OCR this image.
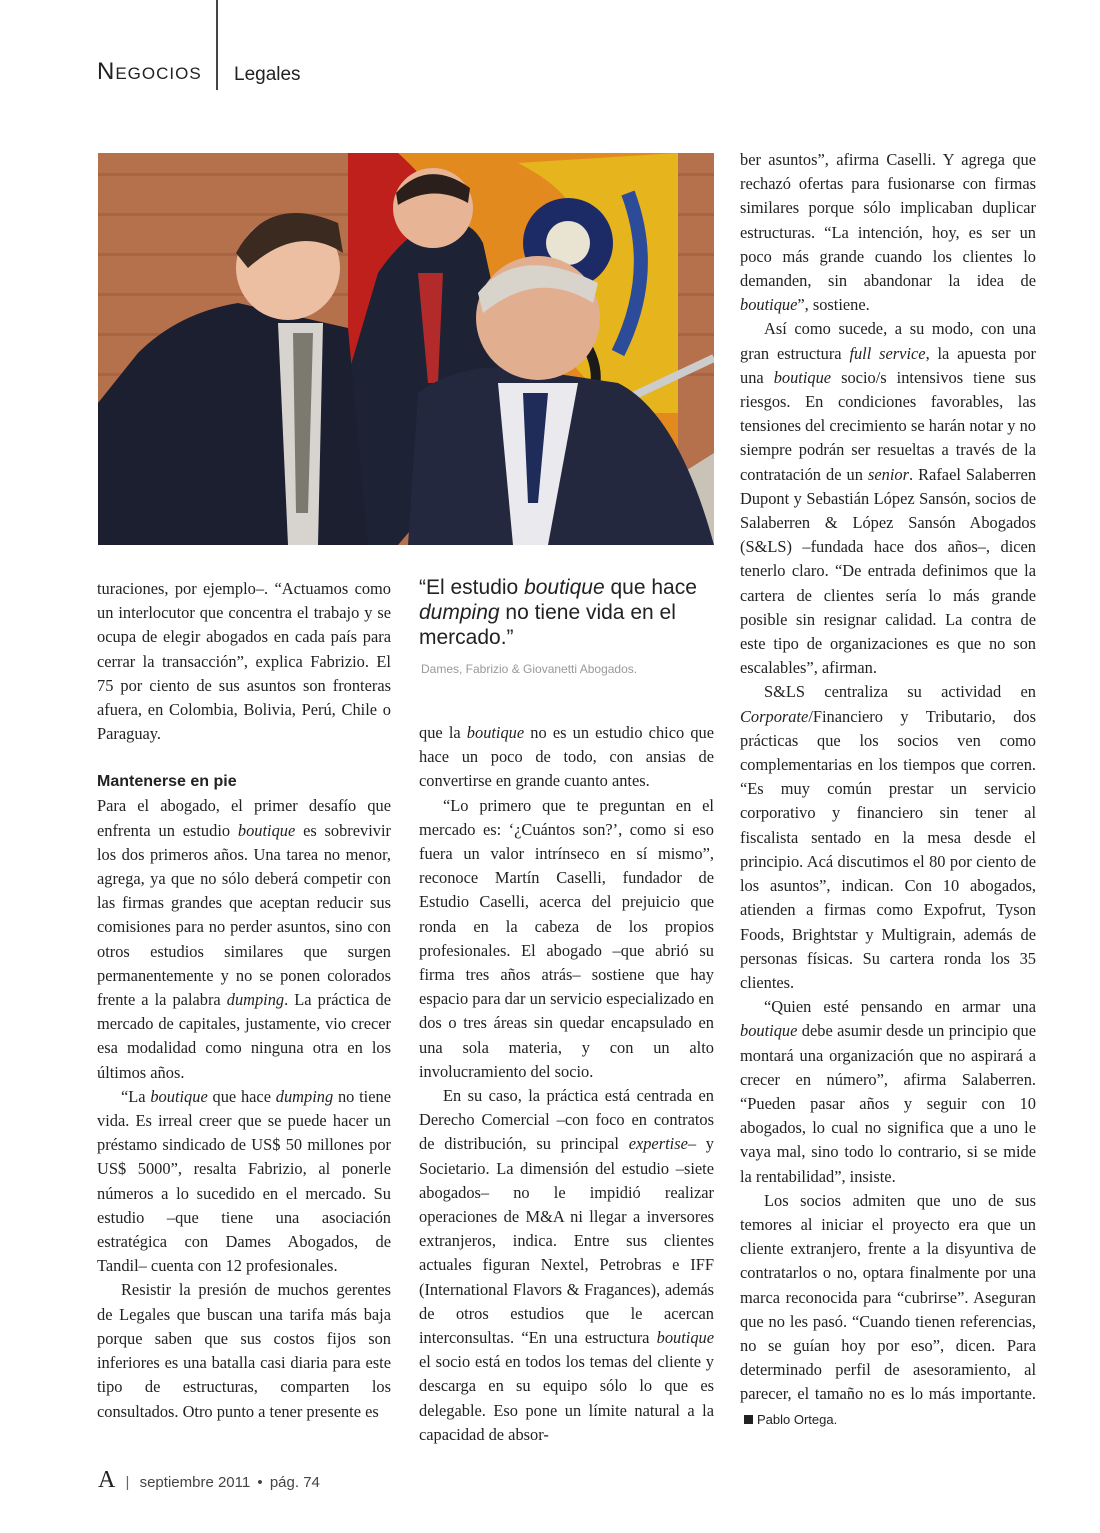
Negocios Legales

turaciones, por ejemplo–. “Actuamos como un interlocutor que concentra el trabajo y se ocupa de elegir abogados en cada país para cerrar la transacción”, explica Fabrizio. El 75 por ciento de sus asuntos son fronteras afuera, en Colombia, Bolivia, Perú, Chile o Paraguay.

Mantenerse en pie

Para el abogado, el primer desafío que enfrenta un estudio boutique es sobrevivir los dos primeros años. Una tarea no menor, agrega, ya que no sólo deberá competir con las firmas grandes que aceptan reducir sus comisiones para no perder asuntos, sino con otros estudios similares que surgen permanentemente y no se ponen colorados frente a la palabra dumping. La práctica de mercado de capitales, justamente, vio crecer esa modalidad como ninguna otra en los últimos años.

“La boutique que hace dumping no tiene vida. Es irreal creer que se puede hacer un préstamo sindicado de US$ 50 millones por US$ 5000”, resalta Fabrizio, al ponerle números a lo sucedido en el mercado. Su estudio –que tiene una asociación estratégica con Dames Abogados, de Tandil– cuenta con 12 profesionales.

Resistir la presión de muchos gerentes de Legales que buscan una tarifa más baja porque saben que sus costos fijos son inferiores es una batalla casi diaria para este tipo de estructuras, comparten los consultados. Otro punto a tener presente es

“El estudio boutique que hace dumping no tiene vida en el mercado.”
Dames, Fabrizio & Giovanetti Abogados.

que la boutique no es un estudio chico que hace un poco de todo, con ansias de convertirse en grande cuanto antes.

“Lo primero que te preguntan en el mercado es: ‘¿Cuántos son?’, como si eso fuera un valor intrínseco en sí mismo”, reconoce Martín Caselli, fundador de Estudio Caselli, acerca del prejuicio que ronda en la cabeza de los propios profesionales. El abogado –que abrió su firma tres años atrás– sostiene que hay espacio para dar un servicio especializado en dos o tres áreas sin quedar encapsulado en una sola materia, y con un alto involucramiento del socio.

En su caso, la práctica está centrada en Derecho Comercial –con foco en contratos de distribución, su principal expertise– y Societario. La dimensión del estudio –siete abogados– no le impidió realizar operaciones de M&A ni llegar a inversores extranjeros, indica. Entre sus clientes actuales figuran Nextel, Petrobras e IFF (International Flavors & Fragances), además de otros estudios que le acercan interconsultas. “En una estructura boutique el socio está en todos los temas del cliente y descarga en su equipo sólo lo que es delegable. Eso pone un límite natural a la capacidad de absor-

ber asuntos”, afirma Caselli. Y agrega que rechazó ofertas para fusionarse con firmas similares porque sólo implicaban duplicar estructuras. “La intención, hoy, es ser un poco más grande cuando los clientes lo demanden, sin abandonar la idea de boutique”, sostiene.

Así como sucede, a su modo, con una gran estructura full service, la apuesta por una boutique socio/s intensivos tiene sus riesgos. En condiciones favorables, las tensiones del crecimiento se harán notar y no siempre podrán ser resueltas a través de la contratación de un senior. Rafael Salaberren Dupont y Sebastián López Sansón, socios de Salaberren & López Sansón Abogados (S&LS) –fundada hace dos años–, dicen tenerlo claro. “De entrada definimos que la cartera de clientes sería lo más grande posible sin resignar calidad. La contra de este tipo de organizaciones es que no son escalables”, afirman.

S&LS centraliza su actividad en Corporate/Financiero y Tributario, dos prácticas que los socios ven como complementarias en los tiempos que corren. “Es muy común prestar un servicio corporativo y financiero sin tener al fiscalista sentado en la mesa desde el principio. Acá discutimos el 80 por ciento de los asuntos”, indican. Con 10 abogados, atienden a firmas como Expofrut, Tyson Foods, Brightstar y Multigrain, además de personas físicas. Su cartera ronda los 35 clientes.

“Quien esté pensando en armar una boutique debe asumir desde un principio que montará una organización que no aspirará a crecer en número”, afirma Salaberren. “Pueden pasar años y seguir con 10 abogados, lo cual no significa que a uno le vaya mal, sino todo lo contrario, si se mide la rentabilidad”, insiste.

Los socios admiten que uno de sus temores al iniciar el proyecto era que un cliente extranjero, frente a la disyuntiva de contratarlos o no, optara finalmente por una marca reconocida para “cubrirse”. Aseguran que no les pasó. “Cuando tienen referencias, no se guían hoy por eso”, dicen. Para determinado perfil de asesoramiento, al parecer, el tamaño no es lo más importante.Pablo Ortega.

A | septiembre 2011 • pág. 74
